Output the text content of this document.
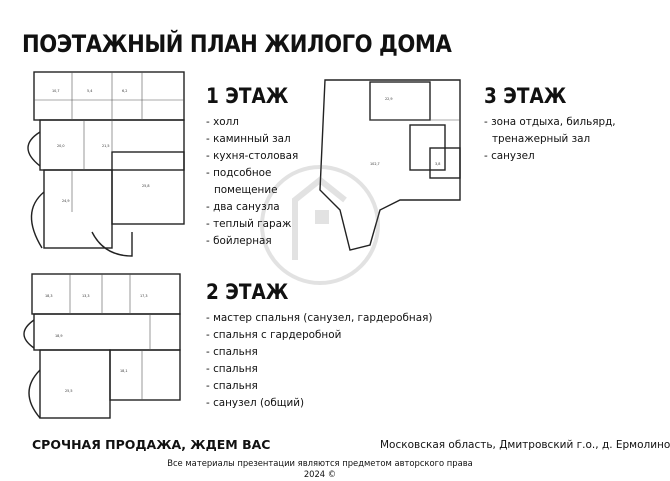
ПОЭТАЖНЫЙ ПЛАН ЖИЛОГО ДОМА
10,7	5,4	6,2
20,0	21,5
25,8
24,9
18,3	13,3	17,3
18,9
18,1
25,5
22,9
102,7	3,8
1 ЭТАЖ
- холл
- каминный зал
- кухня-столовая
- подсобное
помещение
- два санузла
- теплый гараж
- бойлерная
2 ЭТАЖ
- мастер спальня (санузел, гардеробная)
- спальня с гардеробной
- спальня
- спальня
- спальня
- санузел (общий)
3 ЭТАЖ
- зона отдыха, бильярд,
тренажерный зал
- санузел
СРОЧНАЯ ПРОДАЖА, ЖДЕМ ВАС	Московская область, Дмитровский г.о., д. Ермолино
Все материалы презентации являются предметом авторского права
2024 ©
